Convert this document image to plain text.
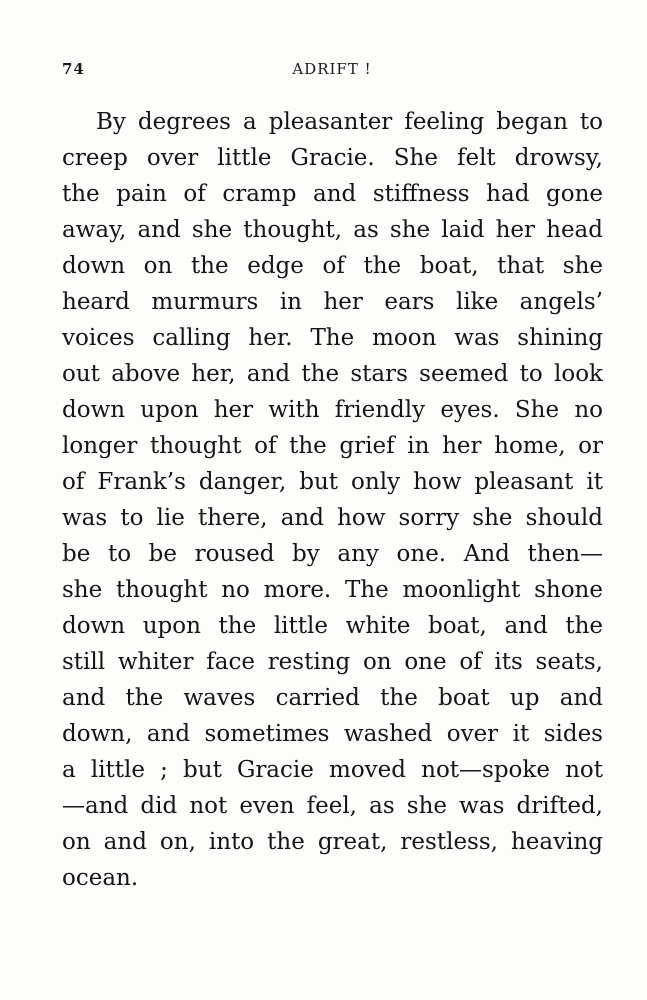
74	ADRIFT !
By degrees a pleasanter feeling began to
creep over little Gracie. She felt drowsy,
the pain of cramp and stiffness had gone
away, and she thought, as she laid her head
down on the edge of the boat, that she
heard murmurs in her ears like angels’
voices calling her. The moon was shining
out above her, and the stars seemed to look
down upon her with friendly eyes. She no
longer thought of the grief in her home, or
of Frank’s danger, but only how pleasant it
was to lie there, and how sorry she should
be to be roused by any one. And then—
she thought no more. The moonlight shone
down upon the little white boat, and the
still whiter face resting on one of its seats,
and the waves carried the boat up and
down, and sometimes washed over it sides
a little ; but Gracie moved not—spoke not
—and did not even feel, as she was drifted,
on and on, into the great, restless, heaving
ocean.
